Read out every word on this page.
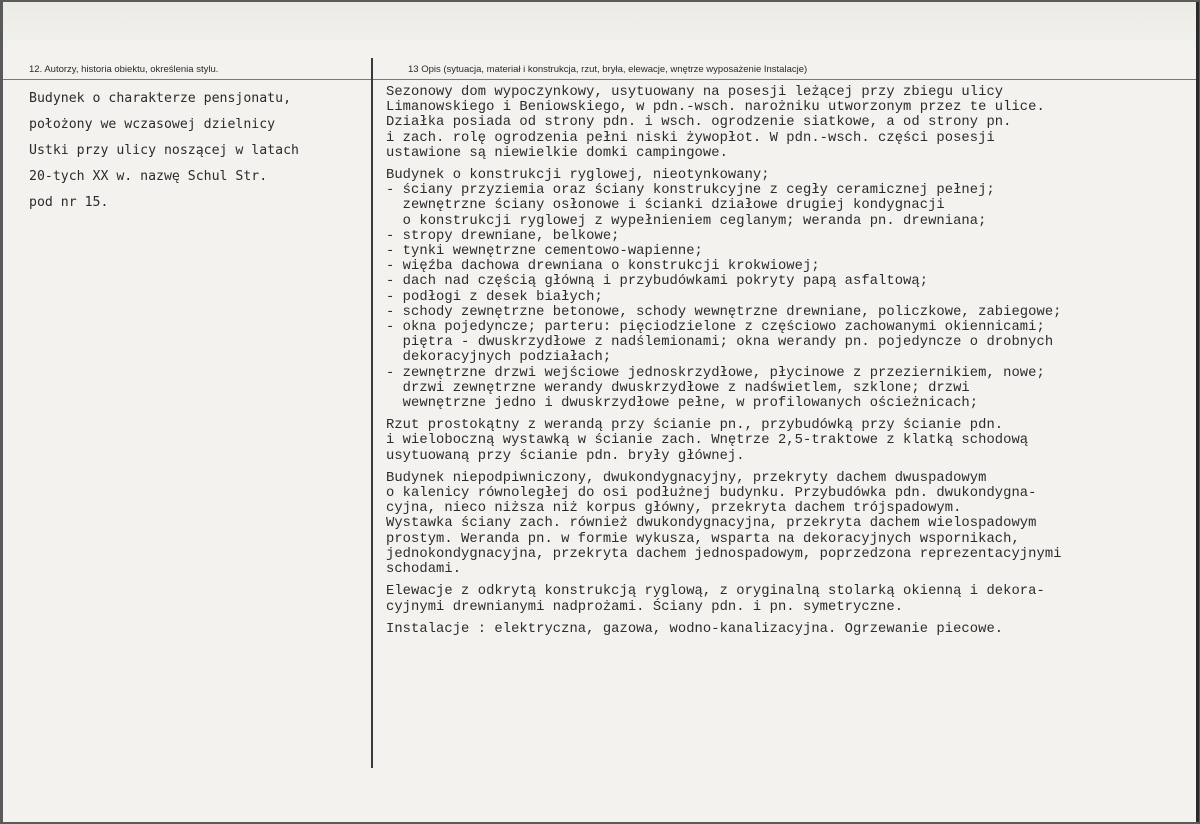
12. Autorzy, historia obiektu, określenia stylu.	13 Opis (sytuacja, materiał i konstrukcja, rzut, bryła, elewacje, wnętrze wyposażenie Instalacje)
Budynek o charakterze pensjonatu,
położony we wczasowej dzielnicy
Ustki przy ulicy noszącej w latach
20-tych XX w. nazwę Schul Str.
pod nr 15.
Sezonowy dom wypoczynkowy, usytuowany na posesji leżącej przy zbiegu ulicy
Limanowskiego i Beniowskiego, w pdn.-wsch. narożniku utworzonym przez te ulice.
Działka posiada od strony pdn. i wsch. ogrodzenie siatkowe, a od strony pn.
i zach. rolę ogrodzenia pełni niski żywopłot. W pdn.-wsch. części posesji
ustawione są niewielkie domki campingowe.
Budynek o konstrukcji ryglowej, nieotynkowany;
- ściany przyziemia oraz ściany konstrukcyjne z cegły ceramicznej pełnej;
zewnętrzne ściany osłonowe i ścianki działowe drugiej kondygnacji
o konstrukcji ryglowej z wypełnieniem ceglanym; weranda pn. drewniana;
- stropy drewniane, belkowe;
- tynki wewnętrzne cementowo-wapienne;
- więźba dachowa drewniana o konstrukcji krokwiowej;
- dach nad częścią główną i przybudówkami pokryty papą asfaltową;
- podłogi z desek białych;
- schody zewnętrzne betonowe, schody wewnętrzne drewniane, policzkowe, zabiegowe;
- okna pojedyncze; parteru: pięciodzielone z częściowo zachowanymi okiennicami;
piętra - dwuskrzydłowe z nadślemionami; okna werandy pn. pojedyncze o drobnych
dekoracyjnych podziałach;
- zewnętrzne drzwi wejściowe jednoskrzydłowe, płycinowe z przeziernikiem, nowe;
drzwi zewnętrzne werandy dwuskrzydłowe z nadświetlem, szklone; drzwi
wewnętrzne jedno i dwuskrzydłowe pełne, w profilowanych ościeżnicach;
Rzut prostokątny z werandą przy ścianie pn., przybudówką przy ścianie pdn.
i wieloboczną wystawką w ścianie zach. Wnętrze 2,5-traktowe z klatką schodową
usytuowaną przy ścianie pdn. bryły głównej.
Budynek niepodpiwniczony, dwukondygnacyjny, przekryty dachem dwuspadowym
o kalenicy równoległej do osi podłużnej budynku. Przybudówka pdn. dwukondygna-
cyjna, nieco niższa niż korpus główny, przekryta dachem trójspadowym.
Wystawka ściany zach. również dwukondygnacyjna, przekryta dachem wielospadowym
prostym. Weranda pn. w formie wykusza, wsparta na dekoracyjnych wspornikach,
jednokondygnacyjna, przekryta dachem jednospadowym, poprzedzona reprezentacyjnymi
schodami.
Elewacje z odkrytą konstrukcją ryglową, z oryginalną stolarką okienną i dekora-
cyjnymi drewnianymi nadprożami. Ściany pdn. i pn. symetryczne.
Instalacje : elektryczna, gazowa, wodno-kanalizacyjna. Ogrzewanie piecowe.
